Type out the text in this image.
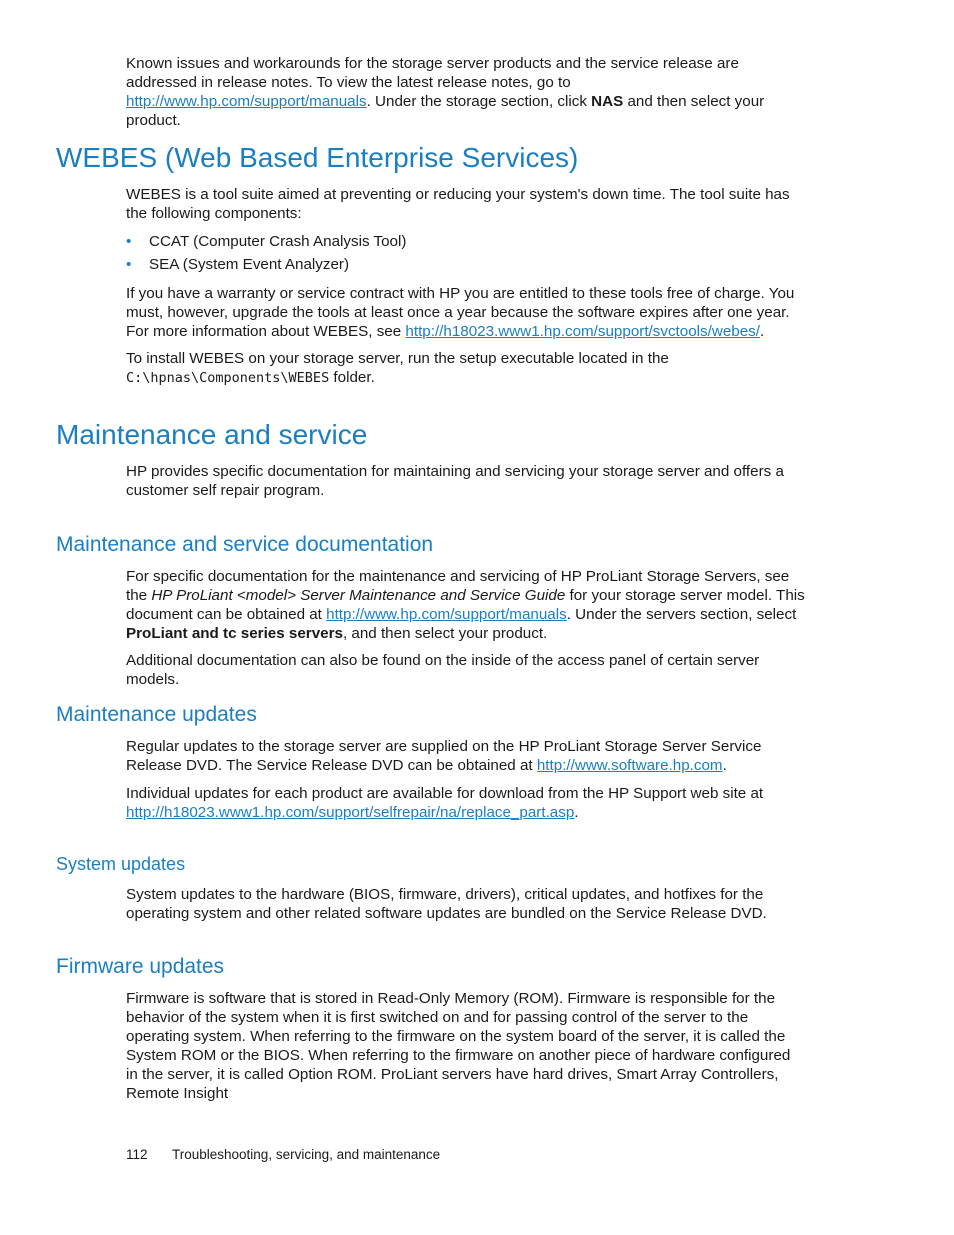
Known issues and workarounds for the storage server products and the service release are addressed in release notes. To view the latest release notes, go to http://www.hp.com/support/manuals. Under the storage section, click NAS and then select your product.

WEBES (Web Based Enterprise Services)

WEBES is a tool suite aimed at preventing or reducing your system's down time. The tool suite has the following components:

• CCAT (Computer Crash Analysis Tool)
• SEA (System Event Analyzer)

If you have a warranty or service contract with HP you are entitled to these tools free of charge. You must, however, upgrade the tools at least once a year because the software expires after one year. For more information about WEBES, see http://h18023.www1.hp.com/support/svctools/webes/.

To install WEBES on your storage server, run the setup executable located in the
C:\hpnas\Components\WEBES folder.

Maintenance and service

HP provides specific documentation for maintaining and servicing your storage server and offers a customer self repair program.

Maintenance and service documentation

For specific documentation for the maintenance and servicing of HP ProLiant Storage Servers, see the HP ProLiant <model> Server Maintenance and Service Guide for your storage server model. This document can be obtained at http://www.hp.com/support/manuals. Under the servers section, select ProLiant and tc series servers, and then select your product.

Additional documentation can also be found on the inside of the access panel of certain server models.

Maintenance updates

Regular updates to the storage server are supplied on the HP ProLiant Storage Server Service Release DVD. The Service Release DVD can be obtained at http://www.software.hp.com.

Individual updates for each product are available for download from the HP Support web site at http://h18023.www1.hp.com/support/selfrepair/na/replace_part.asp.

System updates

System updates to the hardware (BIOS, firmware, drivers), critical updates, and hotfixes for the operating system and other related software updates are bundled on the Service Release DVD.

Firmware updates

Firmware is software that is stored in Read-Only Memory (ROM). Firmware is responsible for the behavior of the system when it is first switched on and for passing control of the server to the operating system. When referring to the firmware on the system board of the server, it is called the System ROM or the BIOS. When referring to the firmware on another piece of hardware configured in the server, it is called Option ROM. ProLiant servers have hard drives, Smart Array Controllers, Remote Insight

112 Troubleshooting, servicing, and maintenance
